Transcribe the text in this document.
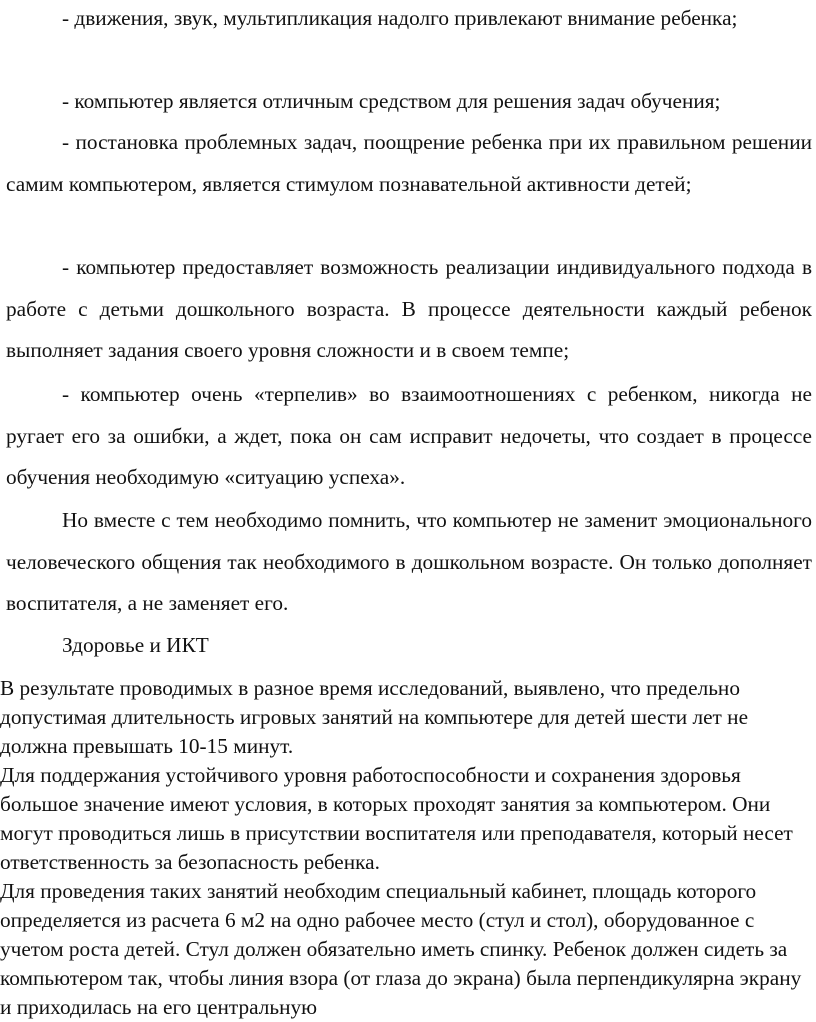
- движения, звук, мультипликация надолго привлекают внимание ребенка;

- компьютер является отличным средством для решения задач обучения;

- постановка проблемных задач, поощрение ребенка при их правильном решении самим компьютером, является стимулом познавательной активности детей;

- компьютер предоставляет возможность реализации индивидуального подхода в работе с детьми дошкольного возраста. В процессе деятельности каждый ребенок выполняет задания своего уровня сложности и в своем темпе;

- компьютер очень «терпелив» во взаимоотношениях с ребенком, никогда не ругает его за ошибки, а ждет, пока он сам исправит недочеты, что создает в процессе обучения необходимую «ситуацию успеха».

Но вместе с тем необходимо помнить, что компьютер не заменит эмоционального человеческого общения так необходимого в дошкольном возрасте. Он только дополняет воспитателя, а не заменяет его.

Здоровье и ИКТ

В результате проводимых в разное время исследований, выявлено, что предельно допустимая длительность игровых занятий на компьютере для детей шести лет не должна превышать 10-15 минут.

Для поддержания устойчивого уровня работоспособности и сохранения здоровья большое значение имеют условия, в которых проходят занятия за компьютером. Они могут проводиться лишь в присутствии воспитателя или преподавателя, который несет ответственность за безопасность ребенка.

Для проведения таких занятий необходим специальный кабинет, площадь которого определяется из расчета 6 м2 на одно рабочее место (стул и стол), оборудованное с учетом роста детей. Стул должен обязательно иметь спинку. Ребенок должен сидеть за компьютером так, чтобы линия взора (от глаза до экрана) была перпендикулярна экрану и приходилась на его центральную
